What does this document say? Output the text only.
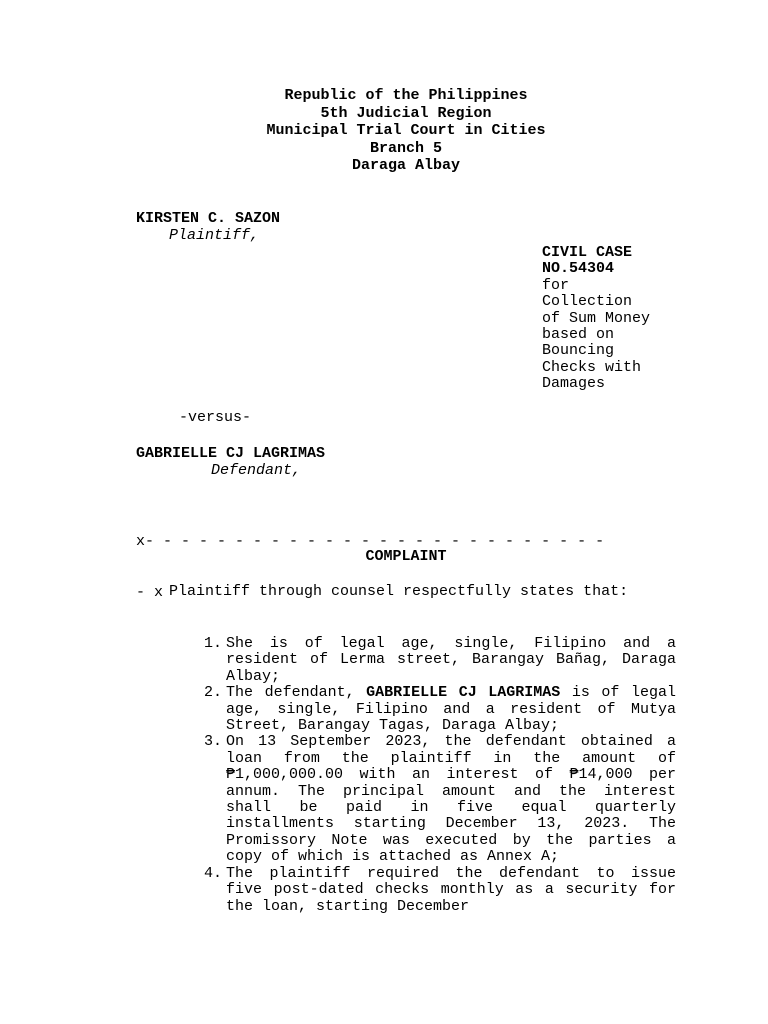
Republic of the Philippines
5th Judicial Region
Municipal Trial Court in Cities
Branch 5
Daraga Albay
KIRSTEN C. SAZON
Plaintiff,
CIVIL CASE
NO.54304
for
Collection
of Sum Money
based on
Bouncing
Checks with
Damages
-versus-
GABRIELLE CJ LAGRIMAS
Defendant,

x- - - - - - - - - - - - - - - - - - - - - - - - - -

- x

COMPLAINT
Plaintiff through counsel respectfully states that:
1. She is of legal age, single, Filipino and a resident of Lerma street, Barangay Bañag, Daraga Albay;
2. The defendant, GABRIELLE CJ LAGRIMAS is of legal age, single, Filipino and a resident of Mutya Street, Barangay Tagas, Daraga Albay;
3. On 13 September 2023, the defendant obtained a loan from the plaintiff in the amount of ₱1,000,000.00 with an interest of ₱14,000 per annum. The principal amount and the interest shall be paid in five equal quarterly installments starting December 13, 2023. The Promissory Note was executed by the parties a copy of which is attached as Annex A;
4. The plaintiff required the defendant to issue five post-dated checks monthly as a security for the loan, starting December
